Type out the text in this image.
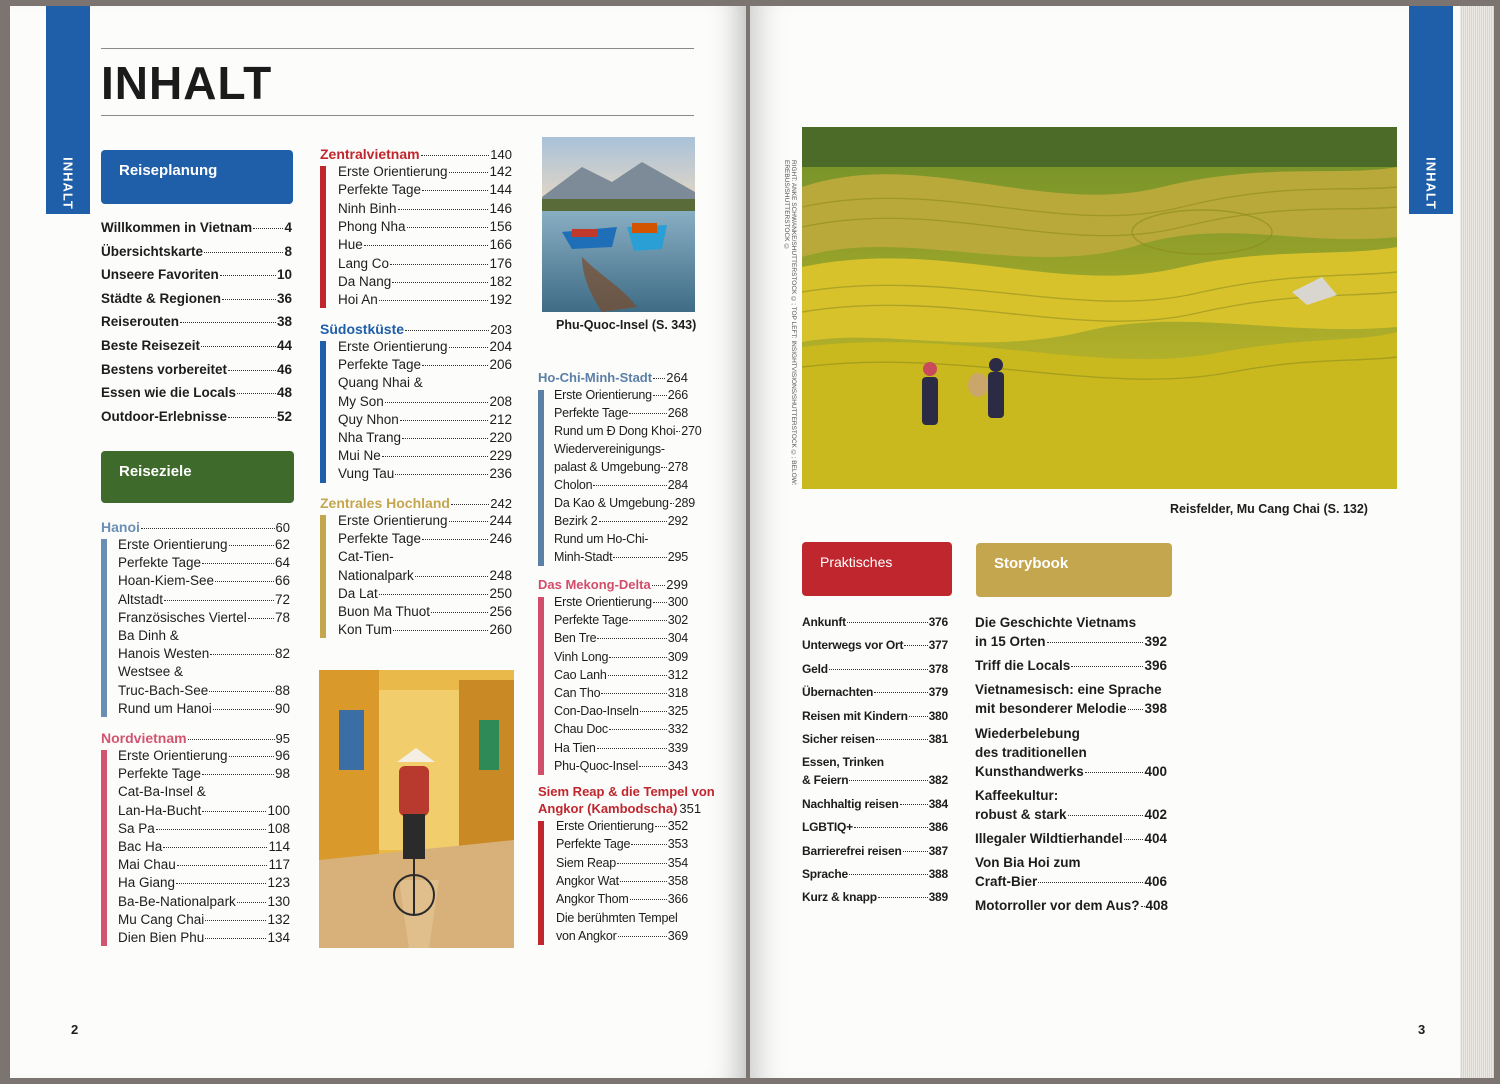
INHALT	INHALT
INHALT
Reiseplanung
Willkommen in Vietnam 4
Übersichtskarte	8
Unseere Favoriten	10
Städte & Regionen	36
Reiserouten	38
Beste Reisezeit	44
Bestens vorbereitet	46
Essen wie die Locals	48
Outdoor-Erlebnisse	52
Reiseziele
Hanoi	60
Erste Orientierung	62
Perfekte Tage	64
Hoan-Kiem-See	66
Altstadt	72
Französisches Viertel 78
Ba Dinh &
Hanois Westen	82
Westsee &
Truc-Bach-See	88
Rund um Hanoi	90
Nordvietnam	95
Erste Orientierung	96
Perfekte Tage	98
Cat-Ba-Insel &
Lan-Ha-Bucht	100
Sa Pa	108
Bac Ha	114
Mai Chau	117
Ha Giang	123
Ba-Be-Nationalpark 130
Mu Cang Chai	132
Dien Bien Phu	134
Zentralvietnam	140
Erste Orientierung	142
Perfekte Tage	144
Ninh Binh	146
Phong Nha	156
Hue	166
Lang Co	176
Da Nang	182
Hoi An	192
Südostküste	203
Erste Orientierung	204
Perfekte Tage	206
Quang Nhai &
My Son	208
Quy Nhon	212
Nha Trang	220
Mui Ne	229
Vung Tau	236
Zentrales Hochland	242
Erste Orientierung	244
Perfekte Tage	246
Cat-Tien-
Nationalpark	248
Da Lat	250
Buon Ma Thuot	256
Kon Tum	260
Ho-Chi-Minh-Stadt 264
Erste Orientierung 266
Perfekte Tage	268
Rund um Ð Dong Khoi 270
Wiedervereinigungs-
palast & Umgebung 278
Cholon	284
Da Kao & Umgebung 289
Bezirk 2	292
Rund um Ho-Chi-
Minh-Stadt	295
Das Mekong-Delta 299
Erste Orientierung 300
Perfekte Tage	302
Ben Tre	304
Vinh Long	309
Cao Lanh	312
Can Tho	318
Con-Dao-Inseln 325
Chau Doc	332
Ha Tien	339
Phu-Quoc-Insel 343
Siem Reap & die Tempel von
Angkor (Kambodscha) 351
Erste Orientierung 352
Perfekte Tage	353
Siem Reap	354
Angkor Wat	358
Angkor Thom	366
Die berühmten Tempel
von Angkor	369
Phu-Quoc-Insel (S. 343)	RIGHT: ANKE SCHWANKE/SHUTTERSTOCK ©; TOP LEFT: INSIGHTVISIONS/SHUTTERSTOCK ©; BELOW: EREBUS/SHUTTERSTOCK ©
Reisfelder, Mu Cang Chai (S. 132)
Praktisches
Ankunft	376
Unterwegs vor Ort 377
Geld	378
Übernachten	379
Reisen mit Kindern 380
Sicher reisen	381
Essen, Trinken
& Feiern	382
Nachhaltig reisen 384
LGBTIQ+	386
Barrierefrei reisen 387
Sprache	388
Kurz & knapp	389
Storybook
Die Geschichte Vietnams
in 15 Orten	392
Triff die Locals	396
Vietnamesisch: eine Sprache
mit besonderer Melodie 398
Wiederbelebung
des traditionellen
Kunsthandwerks	400
Kaffeekultur:
robust & stark	402
Illegaler Wildtierhandel 404
Von Bia Hoi zum
Craft-Bier	406
Motorroller vor dem Aus? 408
2	3
